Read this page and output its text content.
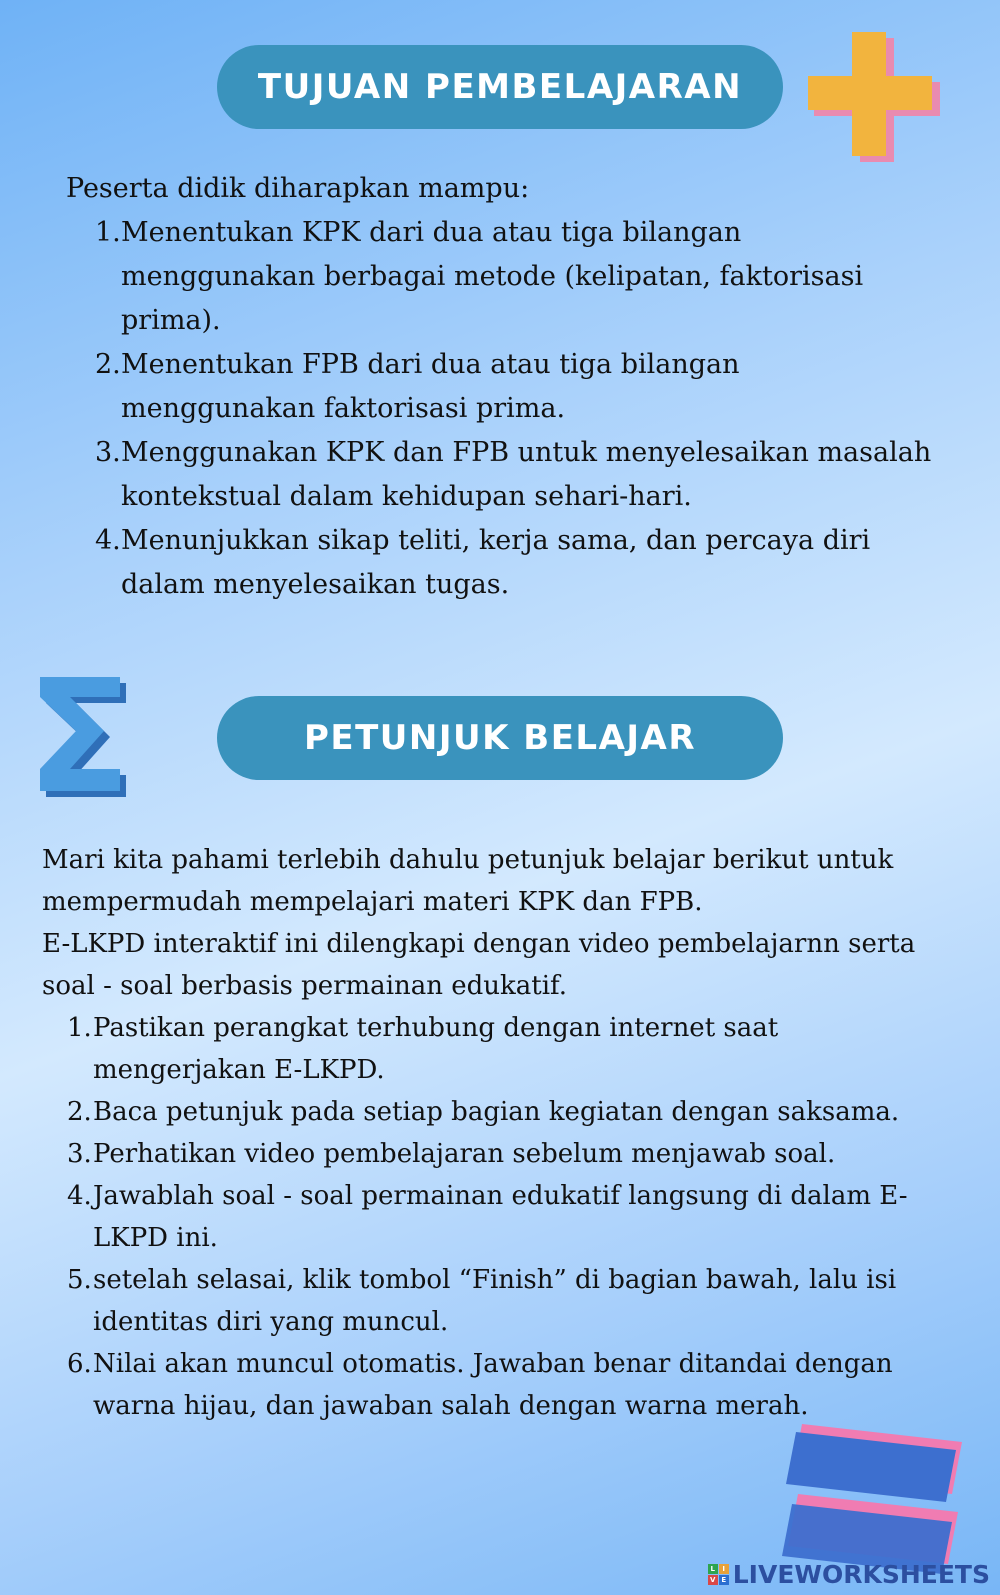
TUJUAN PEMBELAJARAN
Peserta didik diharapkan mampu:
1. Menentukan KPK dari dua atau tiga bilangan
menggunakan berbagai metode (kelipatan, faktorisasi
prima).
2. Menentukan FPB dari dua atau tiga bilangan
menggunakan faktorisasi prima.
3. Menggunakan KPK dan FPB untuk menyelesaikan masalah
kontekstual dalam kehidupan sehari-hari.
4. Menunjukkan sikap teliti, kerja sama, dan percaya diri
dalam menyelesaikan tugas.
PETUNJUK BELAJAR

Mari kita pahami terlebih dahulu petunjuk belajar berikut untuk

mempermudah mempelajari materi KPK dan FPB.

E-LKPD interaktif ini dilengkapi dengan video pembelajarnn serta

soal - soal berbasis permainan edukatif.

1. Pastikan perangkat terhubung dengan internet saat
mengerjakan E-LKPD.
2. Baca petunjuk pada setiap bagian kegiatan dengan saksama.
3. Perhatikan video pembelajaran sebelum menjawab soal.
4. Jawablah soal - soal permainan edukatif langsung di dalam E-
LKPD ini.
5. setelah selasai, klik tombol “Finish” di bagian bawah, lalu isi
identitas diri yang muncul.
6. Nilai akan muncul otomatis. Jawaban benar ditandai dengan
warna hijau, dan jawaban salah dengan warna merah.
L	I
V E LIVEWORKSHEETS
